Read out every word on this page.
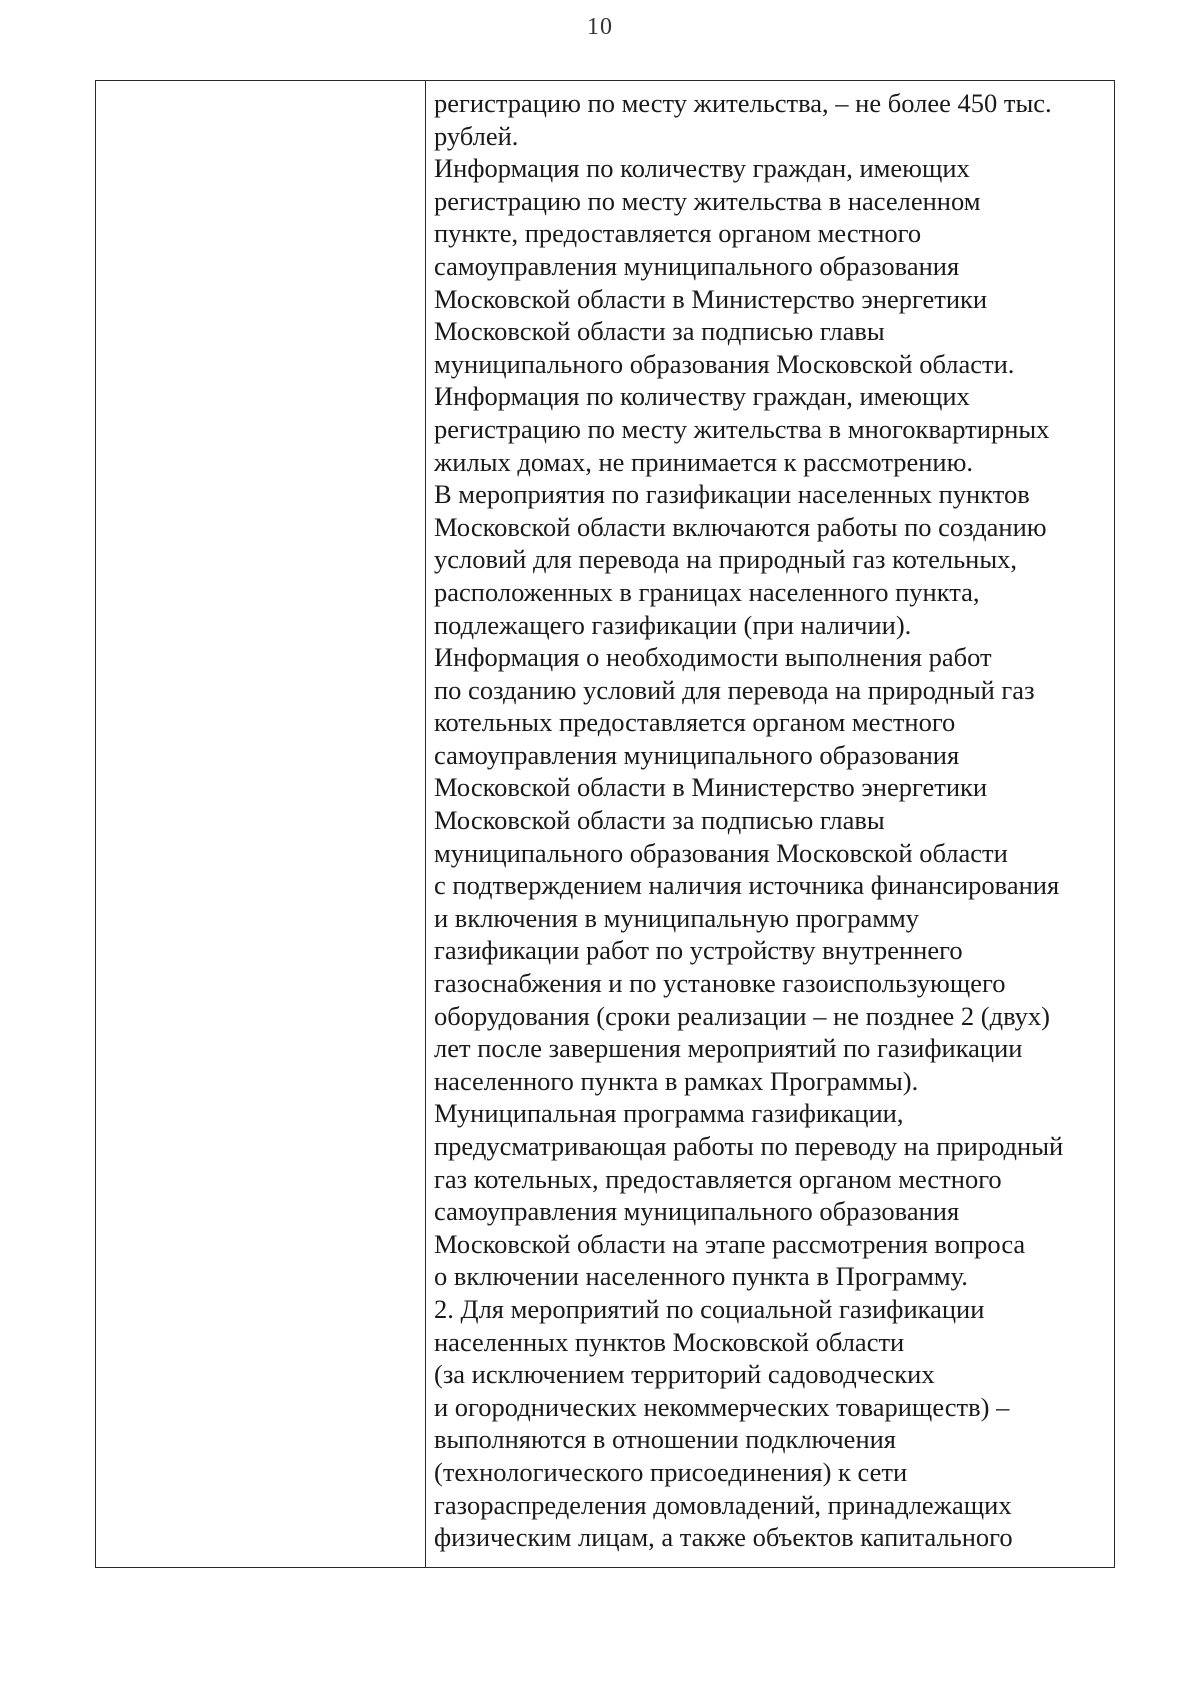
10
регистрацию по месту жительства, – не более 450 тыс.
рублей.
Информация по количеству граждан, имеющих
регистрацию по месту жительства в населенном
пункте, предоставляется органом местного
самоуправления муниципального образования
Московской области в Министерство энергетики
Московской области за подписью главы
муниципального образования Московской области.
Информация по количеству граждан, имеющих
регистрацию по месту жительства в многоквартирных
жилых домах, не принимается к рассмотрению.
В мероприятия по газификации населенных пунктов
Московской области включаются работы по созданию
условий для перевода на природный газ котельных,
расположенных в границах населенного пункта,
подлежащего газификации (при наличии).
Информация о необходимости выполнения работ
по созданию условий для перевода на природный газ
котельных предоставляется органом местного
самоуправления муниципального образования
Московской области в Министерство энергетики
Московской области за подписью главы
муниципального образования Московской области
с подтверждением наличия источника финансирования
и включения в муниципальную программу
газификации работ по устройству внутреннего
газоснабжения и по установке газоиспользующего
оборудования (сроки реализации – не позднее 2 (двух)
лет после завершения мероприятий по газификации
населенного пункта в рамках Программы).
Муниципальная программа газификации,
предусматривающая работы по переводу на природный
газ котельных, предоставляется органом местного
самоуправления муниципального образования
Московской области на этапе рассмотрения вопроса
о включении населенного пункта в Программу.
2. Для мероприятий по социальной газификации
населенных пунктов Московской области
(за исключением территорий садоводческих
и огороднических некоммерческих товариществ) –
выполняются в отношении подключения
(технологического присоединения) к сети
газораспределения домовладений, принадлежащих
физическим лицам, а также объектов капитального
